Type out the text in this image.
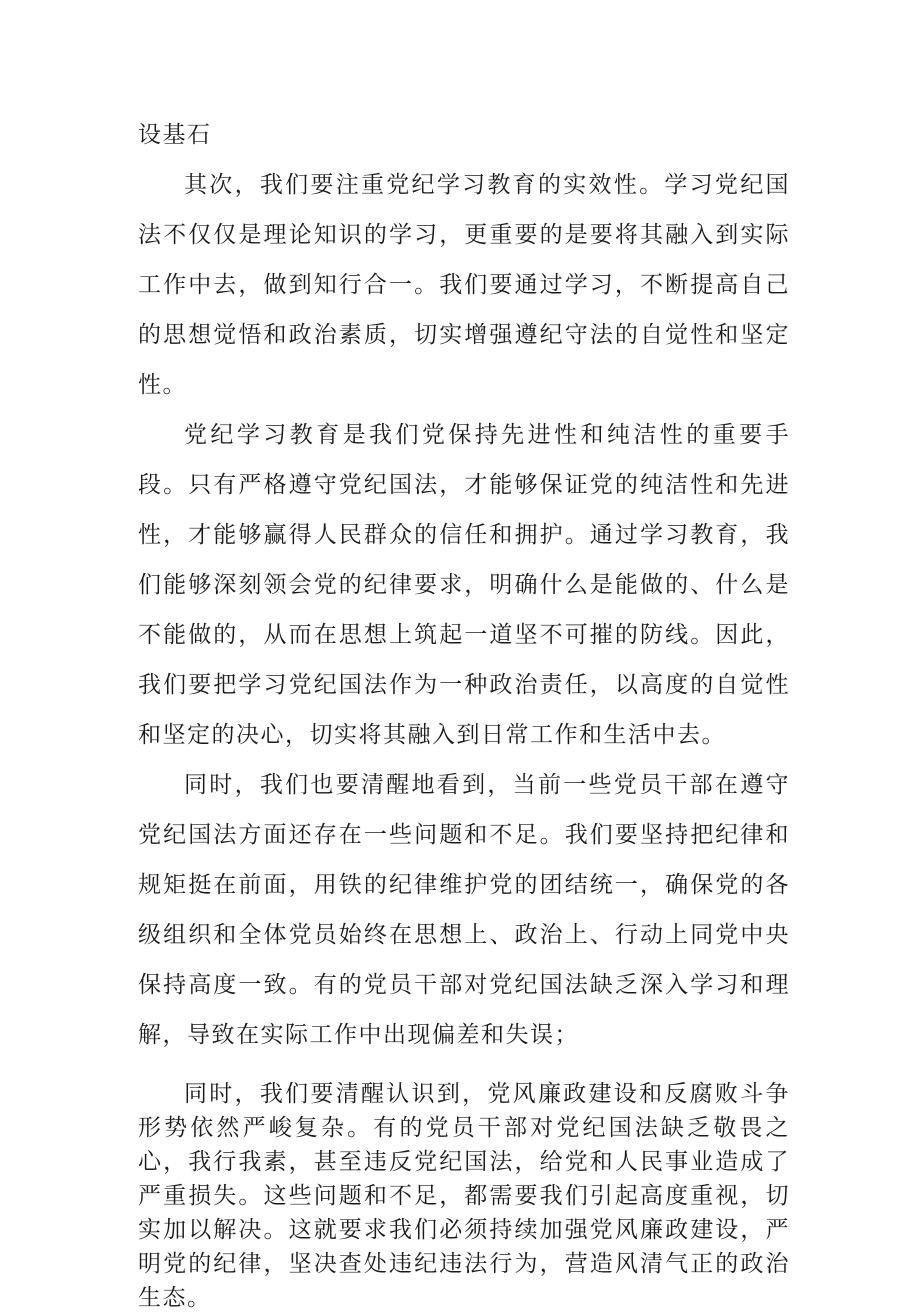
设基石

其次，我们要注重党纪学习教育的实效性。学习党纪国法不仅仅是理论知识的学习，更重要的是要将其融入到实际工作中去，做到知行合一。我们要通过学习，不断提高自己的思想觉悟和政治素质，切实增强遵纪守法的自觉性和坚定性。

党纪学习教育是我们党保持先进性和纯洁性的重要手段。只有严格遵守党纪国法，才能够保证党的纯洁性和先进性，才能够赢得人民群众的信任和拥护。通过学习教育，我们能够深刻领会党的纪律要求，明确什么是能做的、什么是不能做的，从而在思想上筑起一道坚不可摧的防线。因此，我们要把学习党纪国法作为一种政治责任，以高度的自觉性和坚定的决心，切实将其融入到日常工作和生活中去。

同时，我们也要清醒地看到，当前一些党员干部在遵守党纪国法方面还存在一些问题和不足。我们要坚持把纪律和规矩挺在前面，用铁的纪律维护党的团结统一，确保党的各级组织和全体党员始终在思想上、政治上、行动上同党中央保持高度一致。有的党员干部对党纪国法缺乏深入学习和理解，导致在实际工作中出现偏差和失误；

同时，我们要清醒认识到，党风廉政建设和反腐败斗争形势依然严峻复杂。有的党员干部对党纪国法缺乏敬畏之心，我行我素，甚至违反党纪国法，给党和人民事业造成了严重损失。这些问题和不足，都需要我们引起高度重视，切实加以解决。这就要求我们必须持续加强党风廉政建设，严明党的纪律，坚决查处违纪违法行为，营造风清气正的政治生态。
